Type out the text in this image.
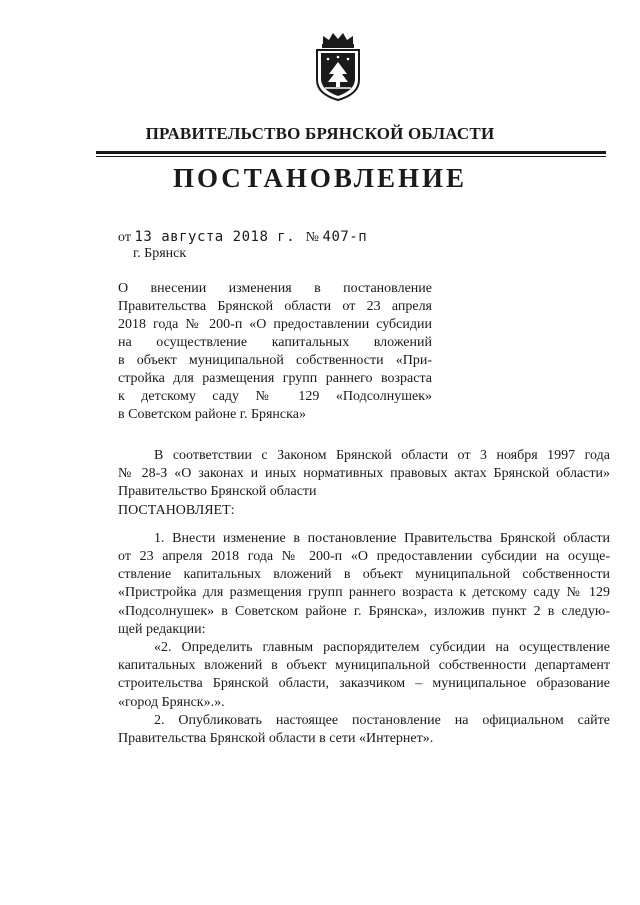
ПРАВИТЕЛЬСТВО БРЯНСКОЙ ОБЛАСТИ
ПОСТАНОВЛЕНИЕ
от 13 августа 2018 г. № 407-п
г. Брянск
О внесении изменения в постановление
Правительства Брянской области от 23 апреля
2018 года № 200-п «О предоставлении субсидии
на осуществление капитальных вложений
в объект муниципальной собственности «При-
стройка для размещения групп раннего возраста
к детскому саду № 129 «Подсолнушек»
в Советском районе г. Брянска»
В соответствии с Законом Брянской области от 3 ноября 1997 года
№ 28-З «О законах и иных нормативных правовых актах Брянской области»
Правительство Брянской области
ПОСТАНОВЛЯЕТ:
1. Внести изменение в постановление Правительства Брянской области
от 23 апреля 2018 года № 200-п «О предоставлении субсидии на осуще-
ствление капитальных вложений в объект муниципальной собственности
«Пристройка для размещения групп раннего возраста к детскому саду № 129
«Подсолнушек» в Советском районе г. Брянска», изложив пункт 2 в следую-
щей редакции:
«2. Определить главным распорядителем субсидии на осуществление
капитальных вложений в объект муниципальной собственности департамент
строительства Брянской области, заказчиком – муниципальное образование
«город Брянск».».
2. Опубликовать настоящее постановление на официальном сайте
Правительства Брянской области в сети «Интернет».
